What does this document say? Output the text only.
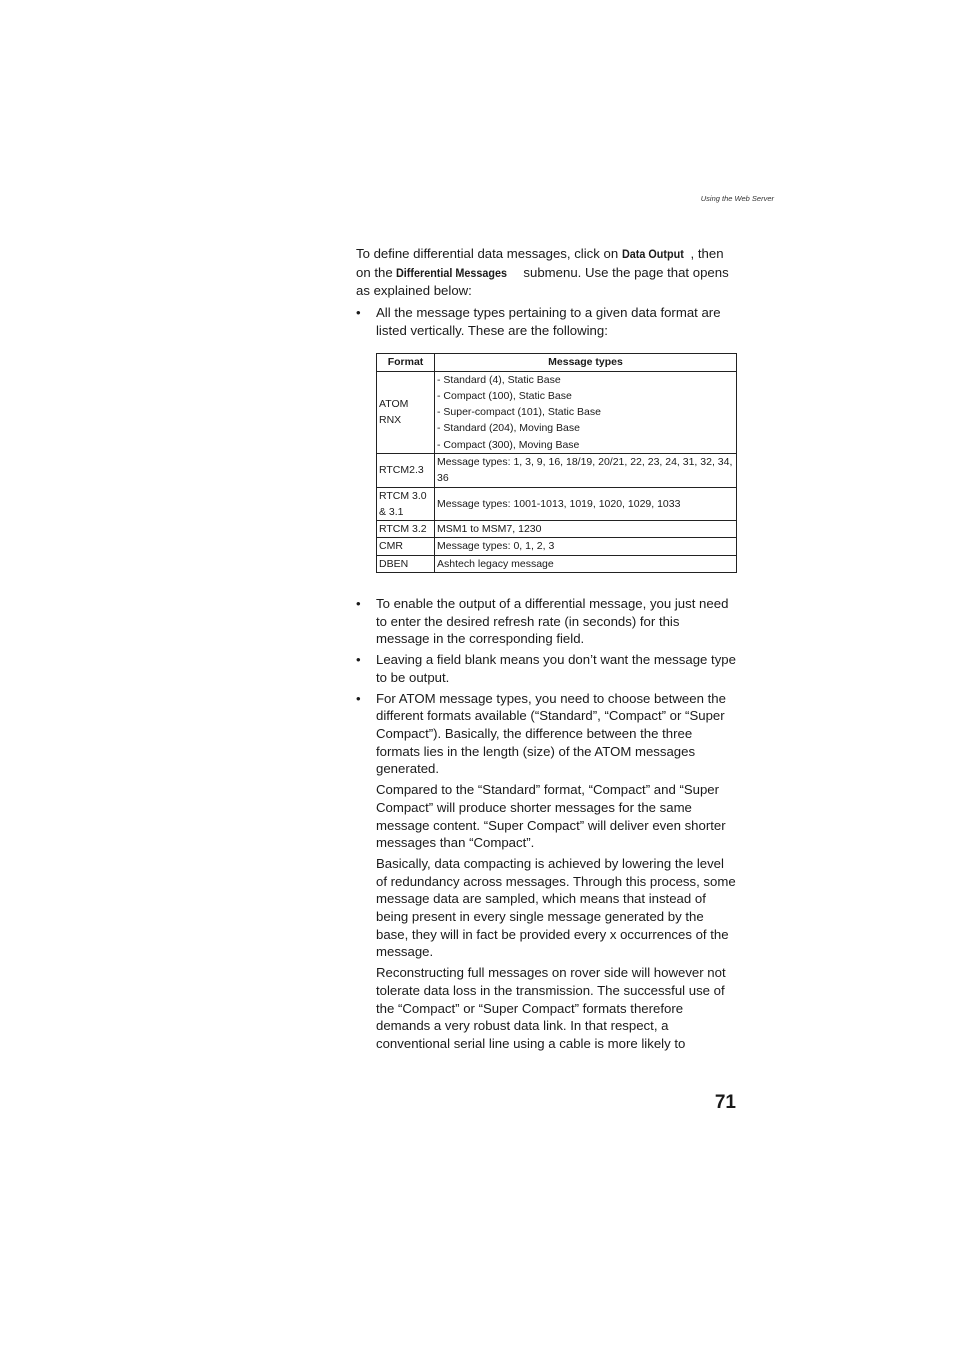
Using the Web Server

To define differential data messages, click on Data Output , then on the Differential Messages submenu. Use the page that opens as explained below:

• All the message types pertaining to a given data format are listed vertically. These are the following:

Format	Message types

ATOM
RNX	- Standard (4), Static Base
- Compact (100), Static Base
- Super-compact (101), Static Base
- Standard (204), Moving Base
- Compact (300), Moving Base

RTCM2.3	Message types: 1, 3, 9, 16, 18/19, 20/21, 22, 23, 24, 31, 32, 34, 36

RTCM 3.0
& 3.1	Message types: 1001-1013, 1019, 1020, 1029, 1033

RTCM 3.2	MSM1 to MSM7, 1230

CMR	Message types: 0, 1, 2, 3

DBEN	Ashtech legacy message
• To enable the output of a differential message, you just need to enter the desired refresh rate (in seconds) for this message in the corresponding field.

• Leaving a field blank means you don’t want the message type to be output.

• For ATOM message types, you need to choose between the different formats available (“Standard”, “Compact” or “Super Compact”). Basically, the difference between the three formats lies in the length (size) of the ATOM messages generated.

Compared to the “Standard” format, “Compact” and “Super Compact” will produce shorter messages for the same message content. “Super Compact” will deliver even shorter messages than “Compact”.

Basically, data compacting is achieved by lowering the level of redundancy across messages. Through this process, some message data are sampled, which means that instead of being present in every single message generated by the base, they will in fact be provided every x occurrences of the message.

Reconstructing full messages on rover side will however not tolerate data loss in the transmission. The successful use of the “Compact” or “Super Compact” formats therefore demands a very robust data link. In that respect, a conventional serial line using a cable is more likely to

71
